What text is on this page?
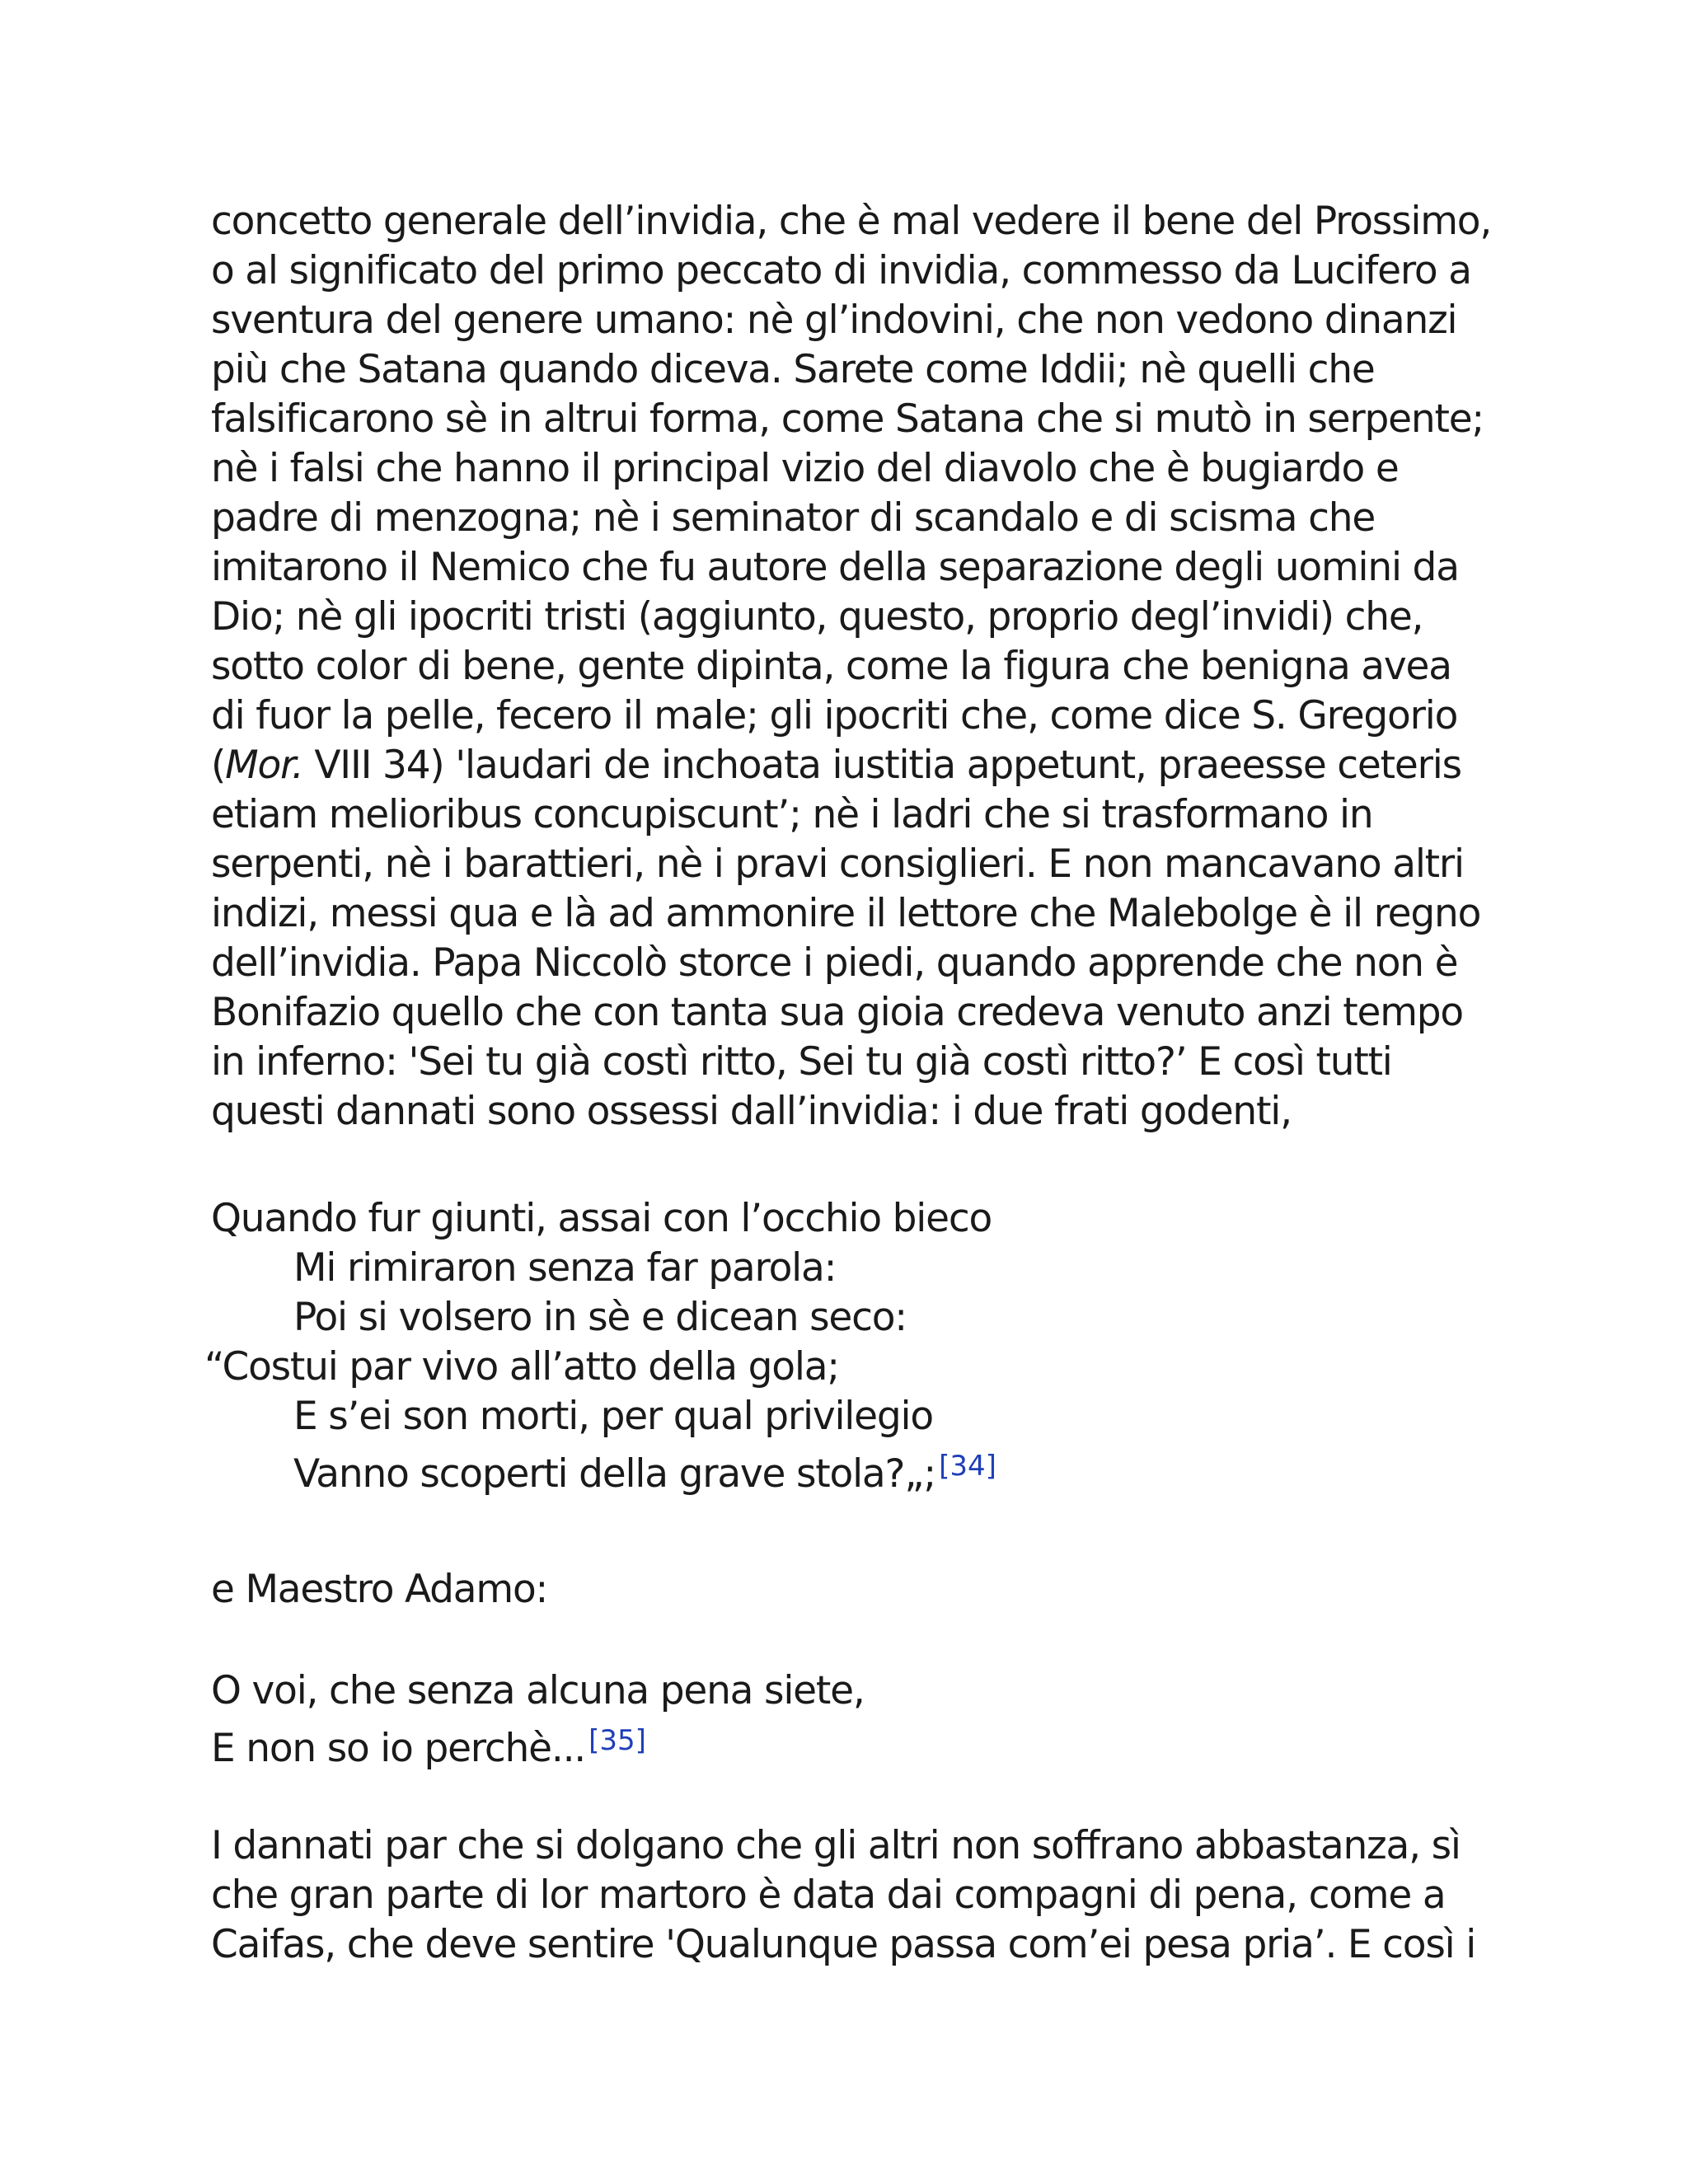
concetto generale dell’invidia, che è mal vedere il bene del Prossimo,
o al significato del primo peccato di invidia, commesso da Lucifero a
sventura del genere umano: nè gl’indovini, che non vedono dinanzi
più che Satana quando diceva. Sarete come Iddii; nè quelli che
falsificarono sè in altrui forma, come Satana che si mutò in serpente;
nè i falsi che hanno il principal vizio del diavolo che è bugiardo e
padre di menzogna; nè i seminator di scandalo e di scisma che
imitarono il Nemico che fu autore della separazione degli uomini da
Dio; nè gli ipocriti tristi (aggiunto, questo, proprio degl’invidi) che,
sotto color di bene, gente dipinta, come la figura che benigna avea
di fuor la pelle, fecero il male; gli ipocriti che, come dice S. Gregorio
(Mor. VIII 34) 'laudari de inchoata iustitia appetunt, praeesse ceteris
etiam melioribus concupiscunt’; nè i ladri che si trasformano in
serpenti, nè i barattieri, nè i pravi consiglieri. E non mancavano altri
indizi, messi qua e là ad ammonire il lettore che Malebolge è il regno
dell’invidia. Papa Niccolò storce i piedi, quando apprende che non è
Bonifazio quello che con tanta sua gioia credeva venuto anzi tempo
in inferno: 'Sei tu già costì ritto, Sei tu già costì ritto?’ E così tutti
questi dannati sono ossessi dall’invidia: i due frati godenti,
Quando fur giunti, assai con l’occhio bieco
Mi rimiraron senza far parola:
Poi si volsero in sè e dicean seco:
“Costui par vivo all’atto della gola;
E s’ei son morti, per qual privilegio
Vanno scoperti della grave stola?„; [34]
e Maestro Adamo:
O voi, che senza alcuna pena siete,
E non so io perchè... [35]
I dannati par che si dolgano che gli altri non soffrano abbastanza, sì
che gran parte di lor martoro è data dai compagni di pena, come a
Caifas, che deve sentire 'Qualunque passa com’ei pesa pria’. E così i
